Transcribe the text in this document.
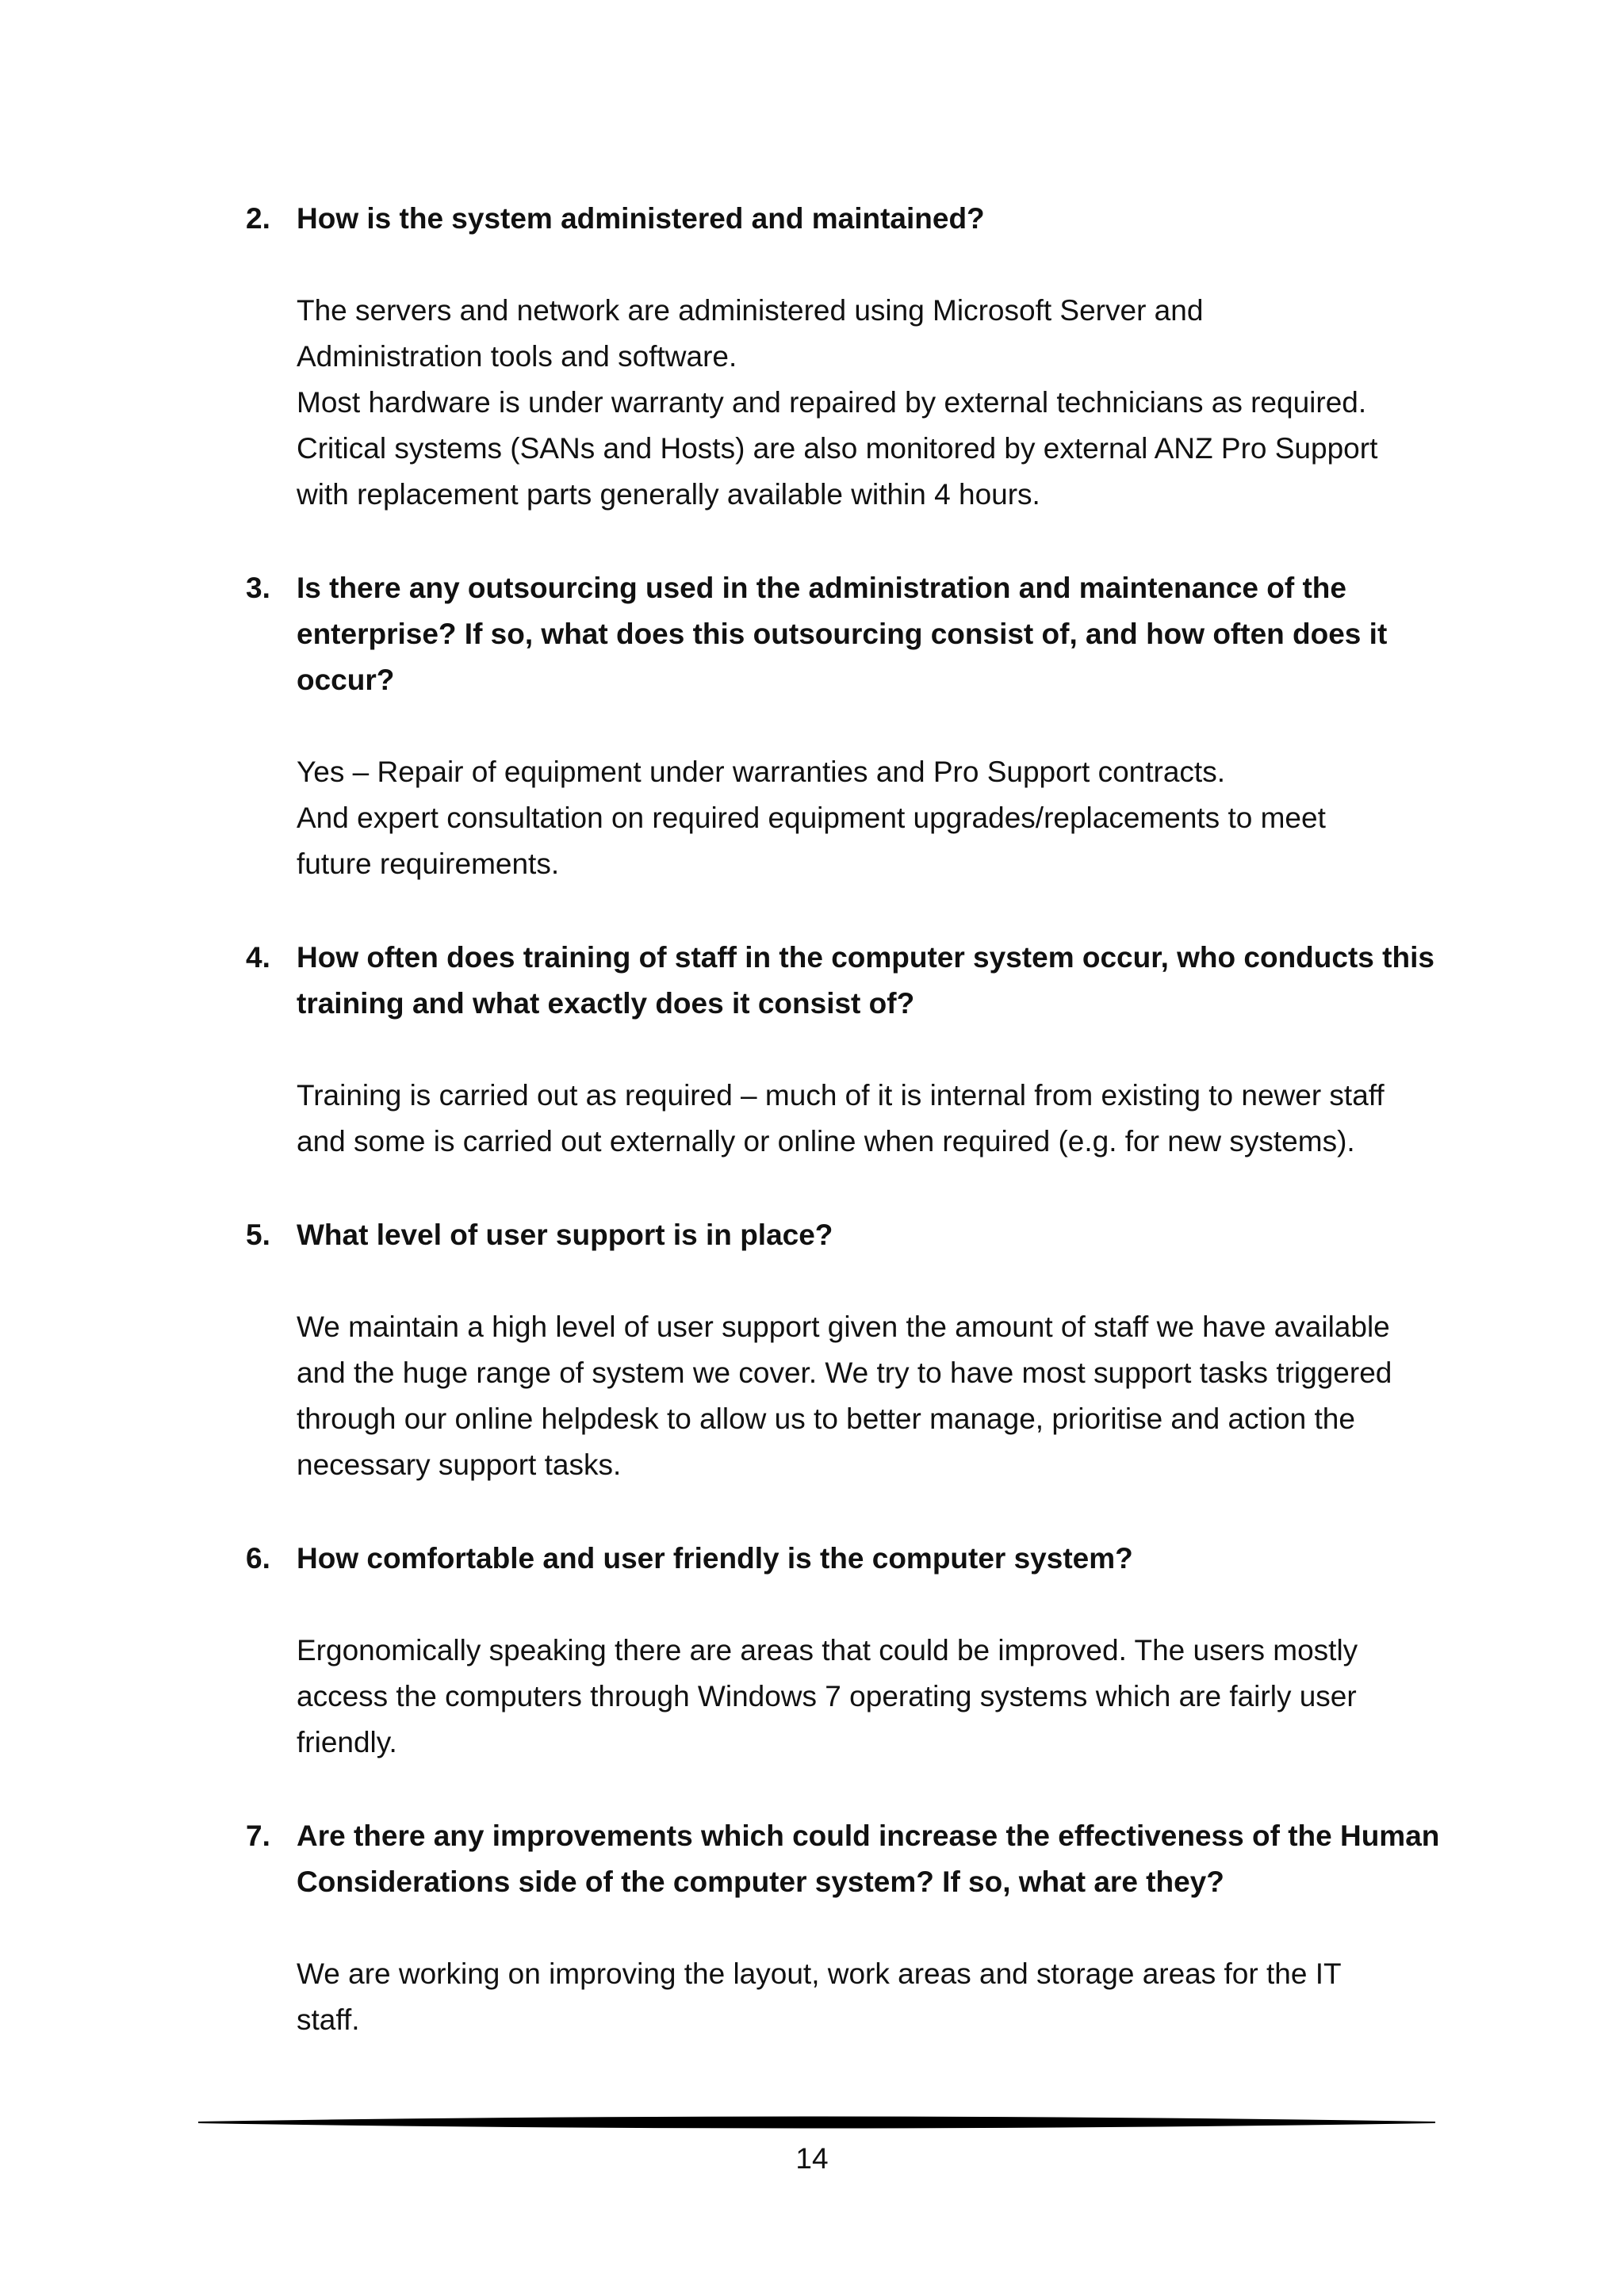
2. How is the system administered and maintained?

The servers and network are administered using Microsoft Server and

Administration tools and software.

Most hardware is under warranty and repaired by external technicians as required.

Critical systems (SANs and Hosts) are also monitored by external ANZ Pro Support

with replacement parts generally available within 4 hours.

3. Is there any outsourcing used in the administration and maintenance of the enterprise? If so, what does this outsourcing consist of, and how often does it occur?

Yes – Repair of equipment under warranties and Pro Support contracts.

And expert consultation on required equipment upgrades/replacements to meet

future requirements.

4. How often does training of staff in the computer system occur, who conducts this training and what exactly does it consist of?

Training is carried out as required – much of it is internal from existing to newer staff

and some is carried out externally or online when required (e.g. for new systems).

5. What level of user support is in place?

We maintain a high level of user support given the amount of staff we have available

and the huge range of system we cover. We try to have most support tasks triggered

through our online helpdesk to allow us to better manage, prioritise and action the

necessary support tasks.

6. How comfortable and user friendly is the computer system?

Ergonomically speaking there are areas that could be improved. The users mostly

access the computers through Windows 7 operating systems which are fairly user

friendly.

7. Are there any improvements which could increase the effectiveness of the Human Considerations side of the computer system? If so, what are they?

We are working on improving the layout, work areas and storage areas for the IT

staff.

14
